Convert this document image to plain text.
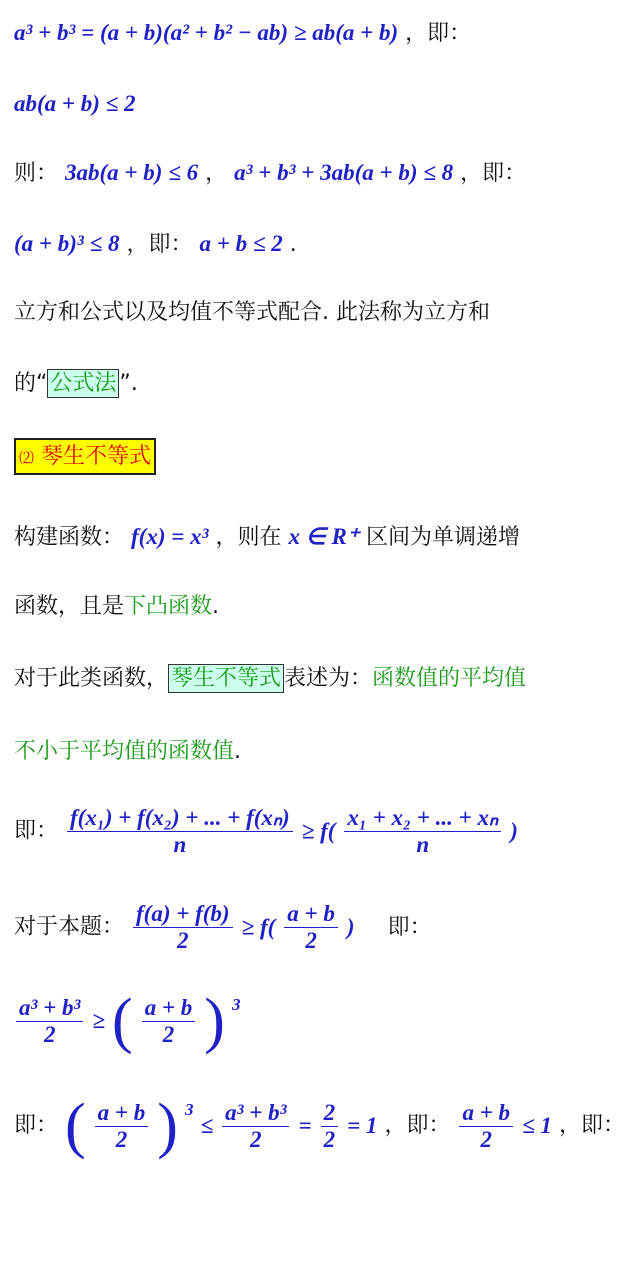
a³ + b³ = (a + b)(a² + b² − ab) ≥ ab(a + b) ，即：
ab(a + b) ≤ 2
则： 3ab(a + b) ≤ 6 ， a³ + b³ + 3ab(a + b) ≤ 8 ，即：
(a + b)³ ≤ 8 ，即： a + b ≤ 2 .
立方和公式以及均值不等式配合. 此法称为立方和
的“ 公式法 ”.
⑵ 琴生不等式
构建函数： f(x) = x³ ，则在 x ∈ R⁺ 区间为单调递增
函数，且是下凸函数.
对于此类函数， 琴生不等式 表述为：函数值的平均值
不小于平均值的函数值.
即： $\frac{\text{f(x₁) + f(x₂) + ... + f(xₙ)}}{n} \ge f( \frac{\text{x₁ + x₂ + ... + xₙ}}{n}$ )
对于本题： $\frac{f(a) + f(b)}{2} \ge f( \frac{a + b}{2}$ ) 即：
$\frac{\text{a³ + b³}}{2}$ ≥ ( $\frac{a + b}{2}$ ) $^3$
即： ( $\frac{a + b}{2}$ ) $^3 \le \frac{\text{a³ + b³}}{2} = \frac{2}{2} = 1$ ，即： $\frac{a + b}{2} \le 1$ ，即：
